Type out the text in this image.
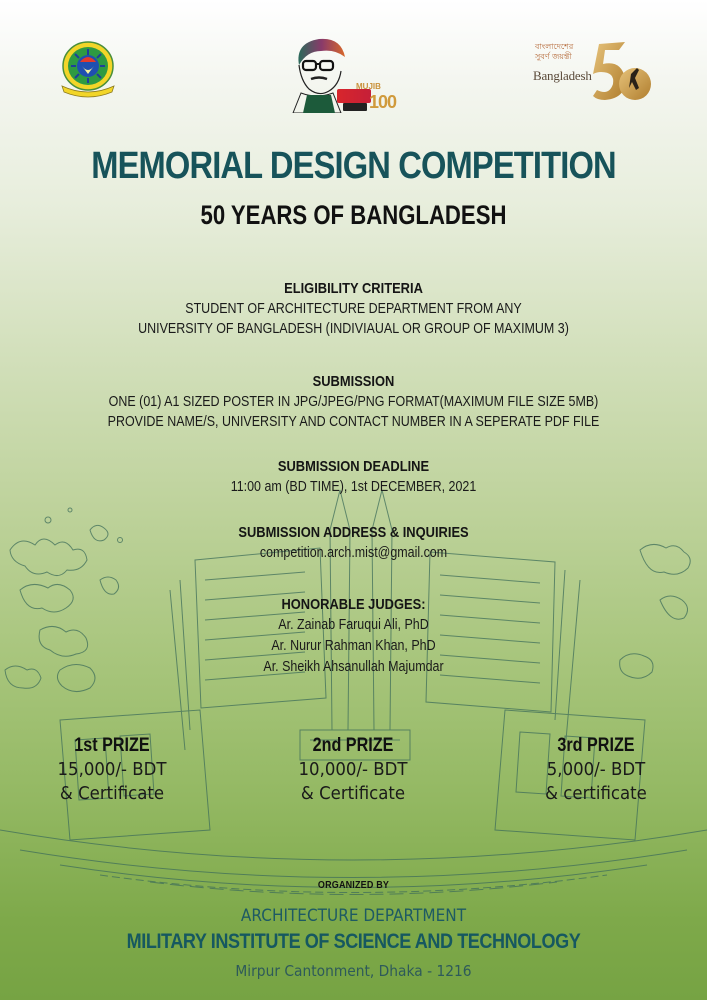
MUJIB
100
বাংলাদেশের
সুবর্ণ জয়ন্তী
Bangladesh
MEMORIAL DESIGN COMPETITION
50 YEARS OF BANGLADESH
ELIGIBILITY CRITERIA
STUDENT OF ARCHITECTURE DEPARTMENT FROM ANY
UNIVERSITY OF BANGLADESH (INDIVIAUAL OR GROUP OF MAXIMUM 3)
SUBMISSION
ONE (01) A1 SIZED POSTER IN JPG/JPEG/PNG FORMAT(MAXIMUM FILE SIZE 5MB)
PROVIDE NAME/S, UNIVERSITY AND CONTACT NUMBER IN A SEPERATE PDF FILE
SUBMISSION DEADLINE
11:00 am (BD TIME), 1st DECEMBER, 2021
SUBMISSION ADDRESS & INQUIRIES
competition.arch.mist@gmail.com
HONORABLE JUDGES:
Ar. Zainab Faruqui Ali, PhD
Ar. Nurur Rahman Khan, PhD
Ar. Sheikh Ahsanullah Majumdar
1st PRIZE
15,000/- BDT
& Certificate
2nd PRIZE
10,000/- BDT
& Certificate
3rd PRIZE
5,000/- BDT
& certificate
ORGANIZED BY
ARCHITECTURE DEPARTMENT
MILITARY INSTITUTE OF SCIENCE AND TECHNOLOGY
Mirpur Cantonment, Dhaka - 1216
